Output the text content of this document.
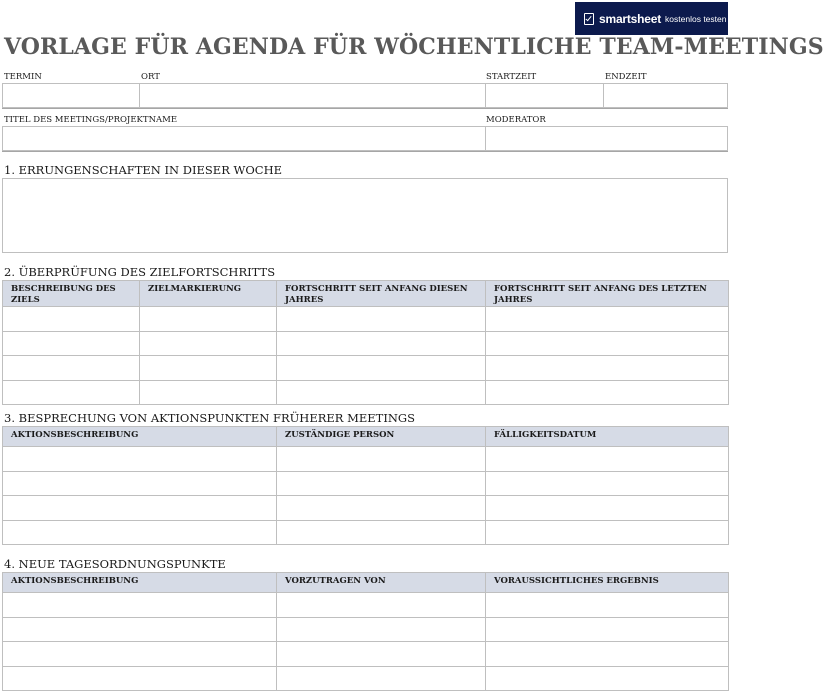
smartsheet kostenlos testen
VORLAGE FÜR AGENDA FÜR WÖCHENTLICHE TEAM-MEETINGS

TERMIN	ORT	STARTZEIT	ENDZEIT

TITEL DES MEETINGS/PROJEKTNAME	MODERATOR

1. ERRUNGENSCHAFTEN IN DIESER WOCHE

2. ÜBERPRÜFUNG DES ZIELFORTSCHRITTS

BESCHREIBUNG DES ZIELS	ZIELMARKIERUNG	FORTSCHRITT SEIT ANFANG DIESEN JAHRES	FORTSCHRITT SEIT ANFANG DES LETZTEN JAHRES

3. BESPRECHUNG VON AKTIONSPUNKTEN FRÜHERER MEETINGS

AKTIONSBESCHREIBUNG	ZUSTÄNDIGE PERSON	FÄLLIGKEITSDATUM

4. NEUE TAGESORDNUNGSPUNKTE

AKTIONSBESCHREIBUNG	VORZUTRAGEN VON	VORAUSSICHTLICHES ERGEBNIS
